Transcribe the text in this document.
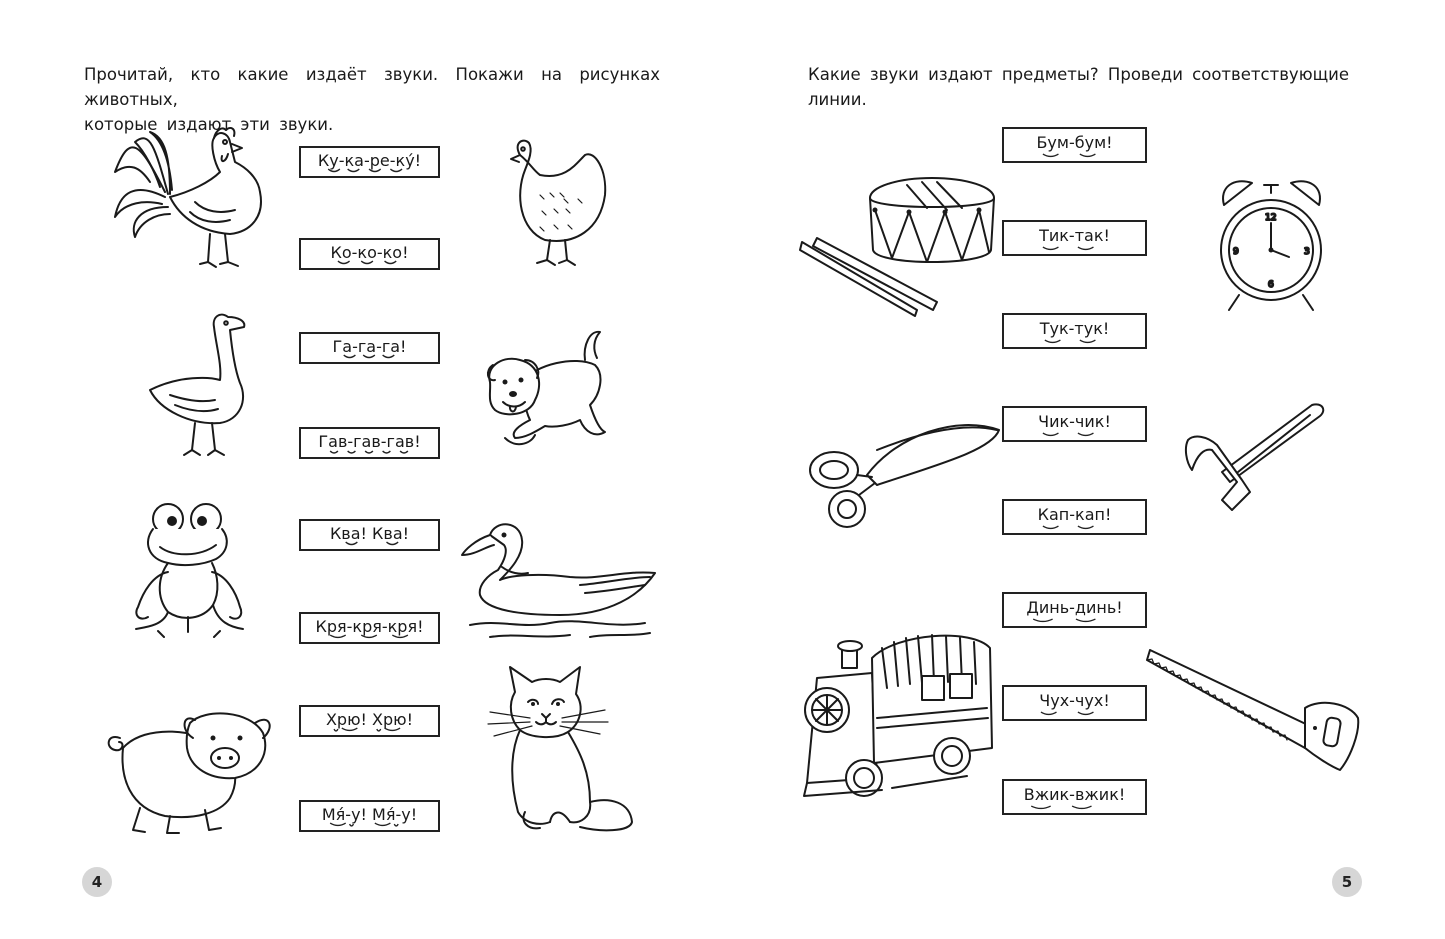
Прочитай, кто какие издаёт звуки. Покажи на рисунках животных,
которые издают эти звуки.
Ку-ка-ре-кý!
Ко-ко-ко!
Га-га-га!
Гав-гав-гав!
Ква! Ква!
Кря-кря-кря!
Хрю! Хрю!
Мя́-у! Мя́-у!
4
Какие звуки издают предметы? Проведи соответствующие линии.
12
3
6
9
Бум-бум!
Тик-так!
Тук-тук!
Чик-чик!
Кап-кап!
Динь-динь!
Чух-чух!
Вжик-вжик!
5
